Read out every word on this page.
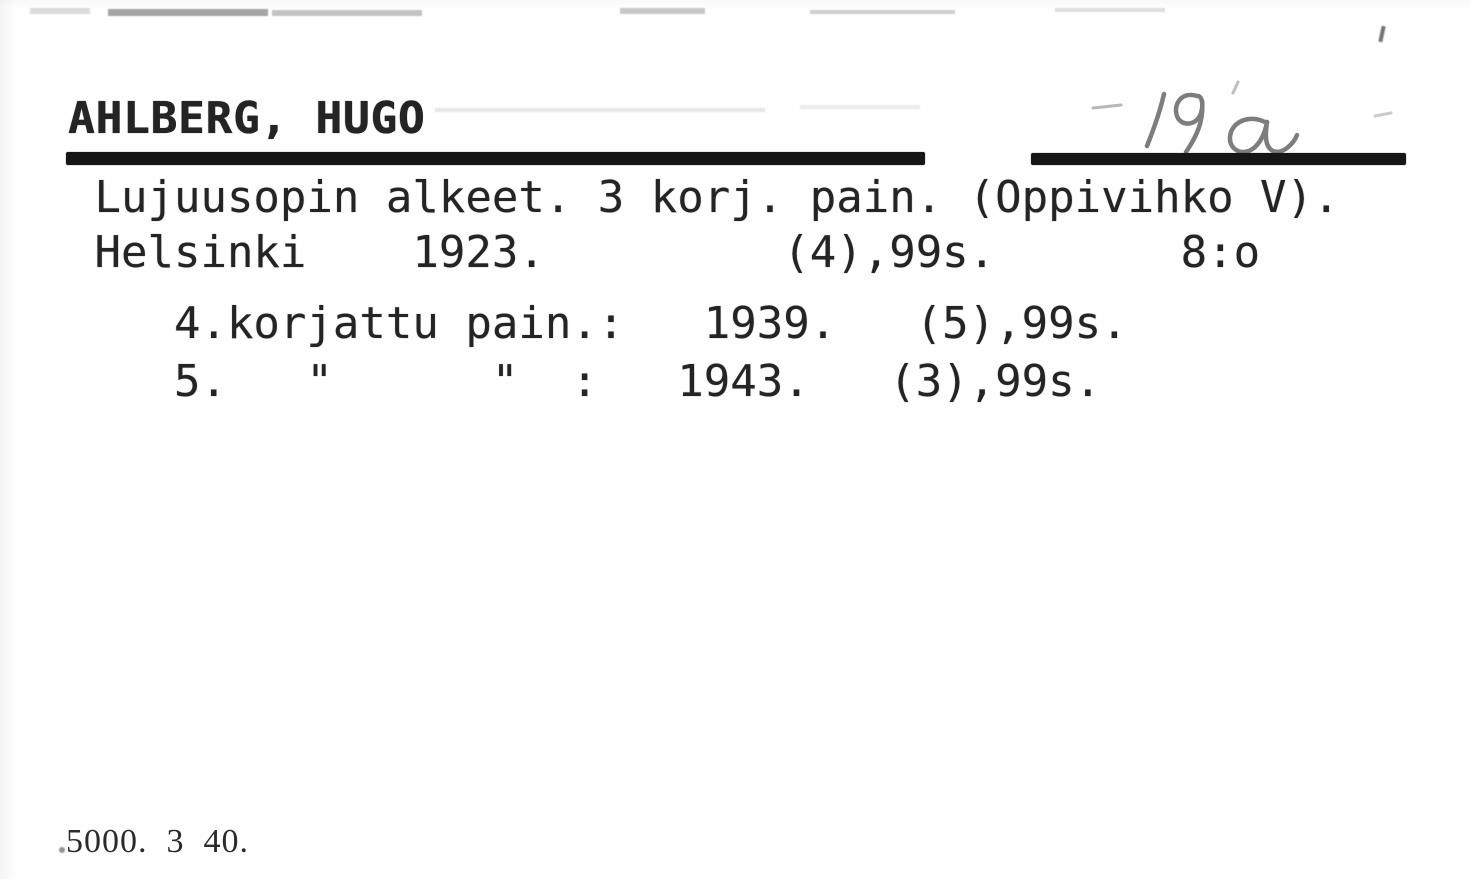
AHLBERG, HUGO
Lujuusopin alkeet. 3 korj. pain. (Oppivihko V).
Helsinki    1923.         (4),99s.       8:o
4.korjattu pain.:   1939.   (5),99s.
5.   "      "  :   1943.   (3),99s.
5000.  3  40.
